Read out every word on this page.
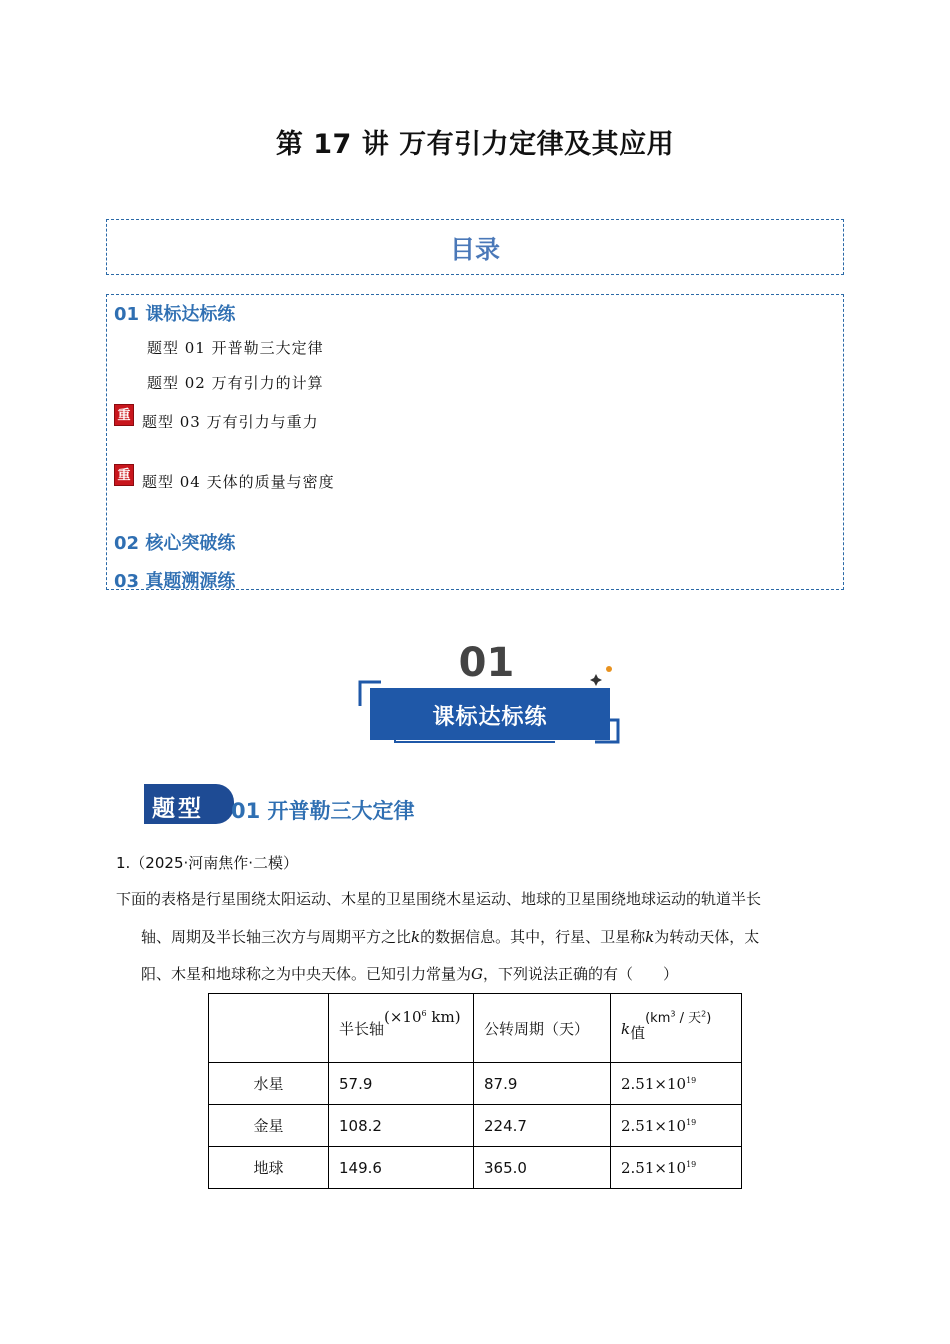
第 17 讲 万有引力定律及其应用
目录
01 课标达标练
题型 01 开普勒三大定律
题型 02 万有引力的计算
重 题型 03 万有引力与重力
重 题型 04 天体的质量与密度
02 核心突破练
03 真题溯源练
01
课标达标练
题型 01 开普勒三大定律
1.（2025·河南焦作·二模）
下面的表格是行星围绕太阳运动、木星的卫星围绕木星运动、地球的卫星围绕地球运动的轨道半长
轴、周期及半长轴三次方与周期平方之比k的数据信息。其中，行星、卫星称k为转动天体，太
阳、木星和地球称之为中央天体。已知引力常量为G，下列说法正确的有（　　）
	半长轴($\times 10^6$ km)	公转周期（天）	k值($km^3$ / 天$^2$)
水星	57.9	87.9	$2.51\times 10^{19}$
金星	108.2	224.7	$2.51\times 10^{19}$
地球	149.6	365.0	$2.51\times 10^{19}$
